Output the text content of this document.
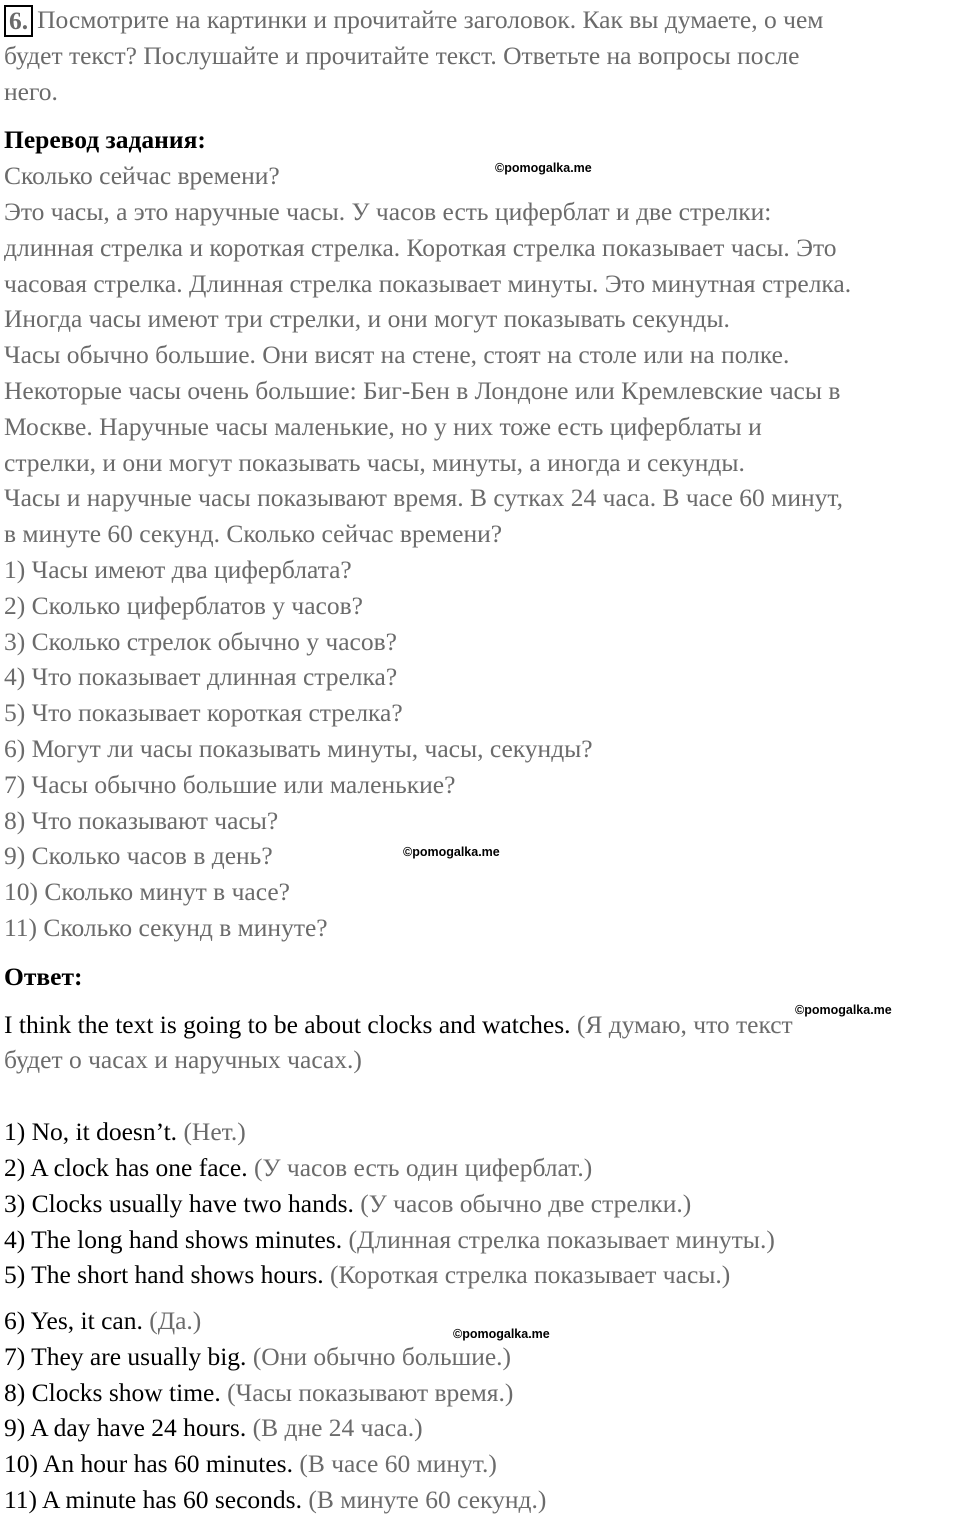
6. Посмотрите на картинки и прочитайте заголовок. Как вы думаете, о чем
будет текст? Послушайте и прочитайте текст. Ответьте на вопросы после
него.
Перевод задания:
Сколько сейчас времени?
Это часы, а это наручные часы. У часов есть циферблат и две стрелки:
длинная стрелка и короткая стрелка. Короткая стрелка показывает часы. Это
часовая стрелка. Длинная стрелка показывает минуты. Это минутная стрелка.
Иногда часы имеют три стрелки, и они могут показывать секунды.
Часы обычно большие. Они висят на стене, стоят на столе или на полке.
Некоторые часы очень большие: Биг-Бен в Лондоне или Кремлевские часы в
Москве. Наручные часы маленькие, но у них тоже есть циферблаты и
стрелки, и они могут показывать часы, минуты, а иногда и секунды.
Часы и наручные часы показывают время. В сутках 24 часа. В часе 60 минут,
в минуте 60 секунд. Сколько сейчас времени?
1) Часы имеют два циферблата?
2) Сколько циферблатов у часов?
3) Сколько стрелок обычно у часов?
4) Что показывает длинная стрелка?
5) Что показывает короткая стрелка?
6) Могут ли часы показывать минуты, часы, секунды?
7) Часы обычно большие или маленькие?
8) Что показывают часы?
9) Сколько часов в день?
10) Сколько минут в часе?
11) Сколько секунд в минуте?
Ответ:
I think the text is going to be about clocks and watches. (Я думаю, что текст
будет о часах и наручных часах.)
1) No, it doesn’t. (Нет.)
2) A clock has one face. (У часов есть один циферблат.)
3) Clocks usually have two hands. (У часов обычно две стрелки.)
4) The long hand shows minutes. (Длинная стрелка показывает минуты.)
5) The short hand shows hours. (Короткая стрелка показывает часы.)
6) Yes, it can. (Да.)
7) They are usually big. (Они обычно большие.)
8) Clocks show time. (Часы показывают время.)
9) A day have 24 hours. (В дне 24 часа.)
10) An hour has 60 minutes. (В часе 60 минут.)
11) A minute has 60 seconds. (В минуте 60 секунд.)
©pomogalka.me
©pomogalka.me
©pomogalka.me
©pomogalka.me
